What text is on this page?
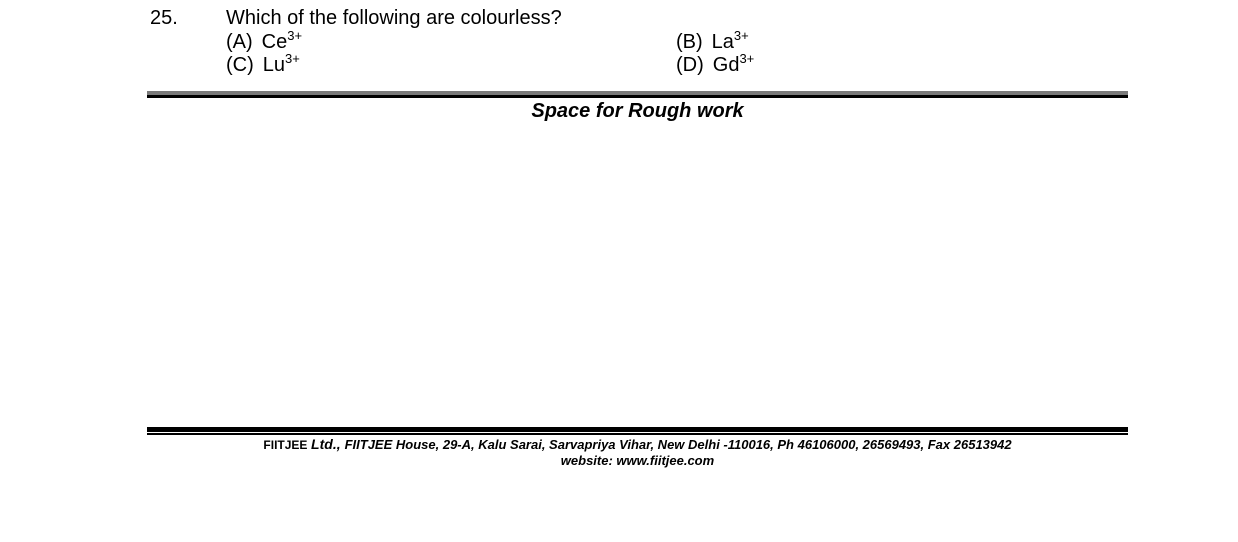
25. Which of the following are colourless?
(A) $Ce^{3+}$	(B) $La^{3+}$
(C) $Lu^{3+}$	(D) $Gd^{3+}$
Space for Rough work
FIITJEE Ltd., FIITJEE House, 29-A, Kalu Sarai, Sarvapriya Vihar, New Delhi -110016, Ph 46106000, 26569493, Fax 26513942
website: www.fiitjee.com
